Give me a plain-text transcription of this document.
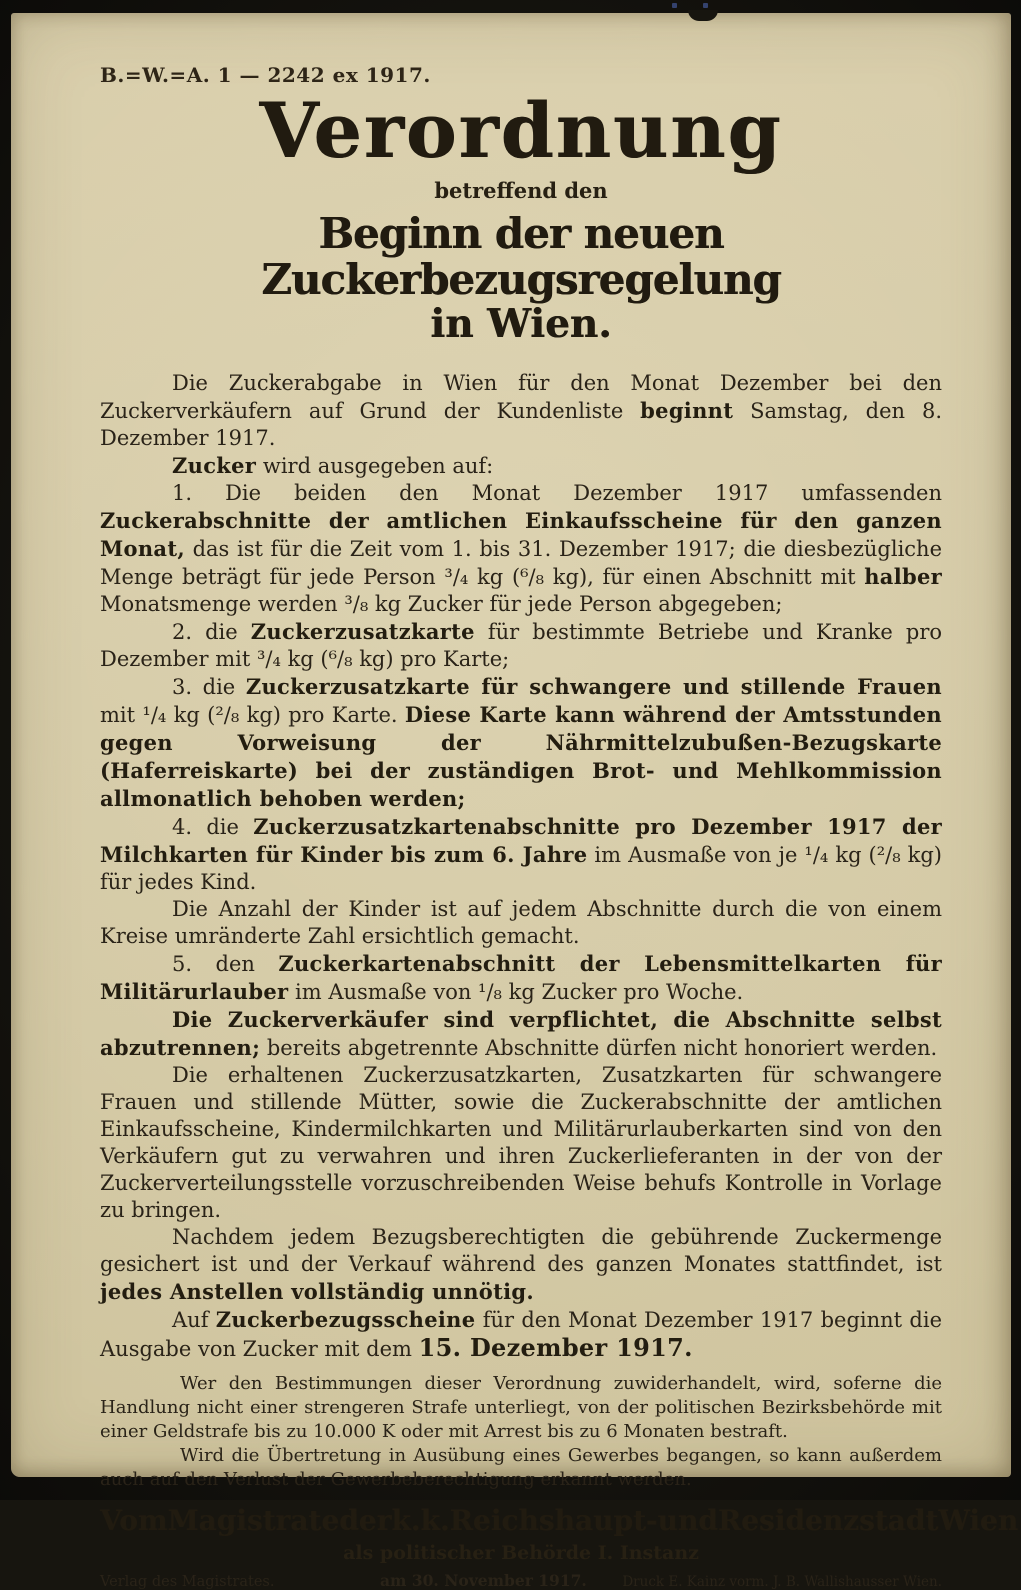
B.=W.=A. 1 — 2242 ex 1917.
Verordnung
betreffend den
Beginn der neuen Zuckerbezugsregelung
in Wien.

Die Zuckerabgabe in Wien für den Monat Dezember bei den Zuckerverkäufern auf Grund der Kundenliste beginnt Samstag, den 8. Dezember 1917.

Zucker wird ausgegeben auf:

1. Die beiden den Monat Dezember 1917 umfassenden Zuckerabschnitte der amtlichen Einkaufsscheine für den ganzen Monat, das ist für die Zeit vom 1. bis 31. Dezember 1917; die diesbezügliche Menge beträgt für jede Person ³/₄ kg (⁶/₈ kg), für einen Abschnitt mit halber Monatsmenge werden ³/₈ kg Zucker für jede Person abgegeben;

2. die Zuckerzusatzkarte für bestimmte Betriebe und Kranke pro Dezember mit ³/₄ kg (⁶/₈ kg) pro Karte;

3. die Zuckerzusatzkarte für schwangere und stillende Frauen mit ¹/₄ kg (²/₈ kg) pro Karte. Diese Karte kann während der Amtsstunden gegen Vorweisung der Nährmittelzubußen-Bezugskarte (Haferreiskarte) bei der zuständigen Brot- und Mehlkommission allmonatlich behoben werden;

4. die Zuckerzusatzkartenabschnitte pro Dezember 1917 der Milchkarten für Kinder bis zum 6. Jahre im Ausmaße von je ¹/₄ kg (²/₈ kg) für jedes Kind.

Die Anzahl der Kinder ist auf jedem Abschnitte durch die von einem Kreise umränderte Zahl ersichtlich gemacht.

5. den Zuckerkartenabschnitt der Lebensmittelkarten für Militärurlauber im Ausmaße von ¹/₈ kg Zucker pro Woche.

Die Zuckerverkäufer sind verpflichtet, die Abschnitte selbst abzutrennen; bereits abgetrennte Abschnitte dürfen nicht honoriert werden.

Die erhaltenen Zuckerzusatzkarten, Zusatzkarten für schwangere Frauen und stillende Mütter, sowie die Zuckerabschnitte der amtlichen Einkaufsscheine, Kindermilchkarten und Militärurlauberkarten sind von den Verkäufern gut zu verwahren und ihren Zuckerlieferanten in der von der Zuckerverteilungsstelle vorzuschreibenden Weise behufs Kontrolle in Vorlage zu bringen.

Nachdem jedem Bezugsberechtigten die gebührende Zuckermenge gesichert ist und der Verkauf während des ganzen Monates stattfindet, ist jedes Anstellen vollständig unnötig.

Auf Zuckerbezugsscheine für den Monat Dezember 1917 beginnt die Ausgabe von Zucker mit dem 15. Dezember 1917.

Wer den Bestimmungen dieser Verordnung zuwiderhandelt, wird, soferne die Handlung nicht einer strengeren Strafe unterliegt, von der politischen Bezirksbehörde mit einer Geldstrafe bis zu 10.000 K oder mit Arrest bis zu 6 Monaten bestraft.

Wird die Übertretung in Ausübung eines Gewerbes begangen, so kann außerdem auch auf den Verlust der Gewerbeberechtigung erkannt werden.

Vom Magistrate der k. k. Reichshaupt- und Residenzstadt Wien
als politischer Behörde I. Instanz
Verlag des Magistrates.	am 30. November 1917.	Druck E. Kainz vorm. J. B. Wallishausser Wien.
